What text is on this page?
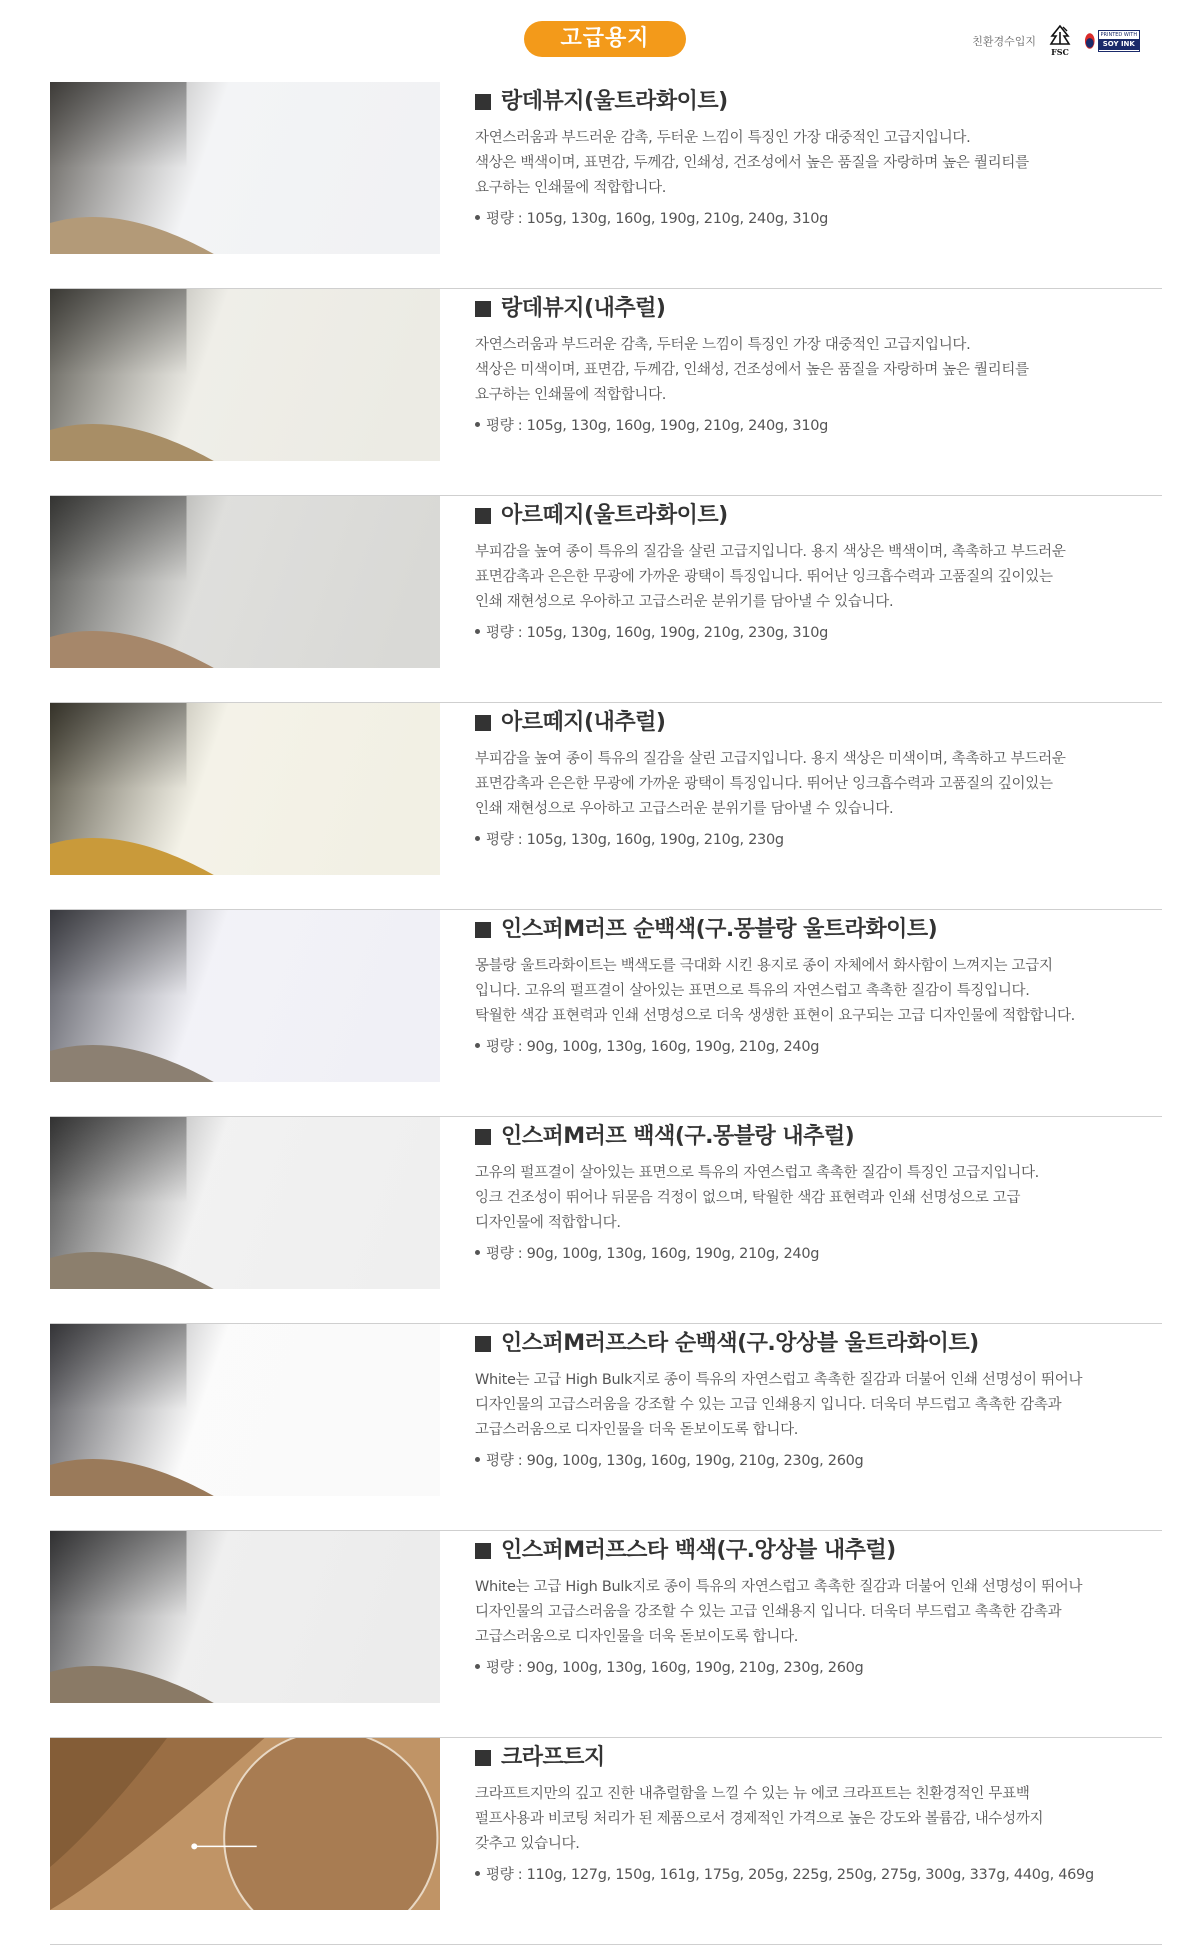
고급용지	친환경수입지
FSC
PRINTED WITH
SOY INK
랑데뷰지(울트라화이트)
자연스러움과 부드러운 감촉, 두터운 느낌이 특징인 가장 대중적인 고급지입니다.
색상은 백색이며, 표면감, 두께감, 인쇄성, 건조성에서 높은 품질을 자랑하며 높은 퀄리티를
요구하는 인쇄물에 적합합니다.
평량 : 105g, 130g, 160g, 190g, 210g, 240g, 310g
랑데뷰지(내추럴)
자연스러움과 부드러운 감촉, 두터운 느낌이 특징인 가장 대중적인 고급지입니다.
색상은 미색이며, 표면감, 두께감, 인쇄성, 건조성에서 높은 품질을 자랑하며 높은 퀄리티를
요구하는 인쇄물에 적합합니다.
평량 : 105g, 130g, 160g, 190g, 210g, 240g, 310g
아르떼지(울트라화이트)
부피감을 높여 종이 특유의 질감을 살린 고급지입니다. 용지 색상은 백색이며, 촉촉하고 부드러운
표면감촉과 은은한 무광에 가까운 광택이 특징입니다. 뛰어난 잉크흡수력과 고품질의 깊이있는
인쇄 재현성으로 우아하고 고급스러운 분위기를 담아낼 수 있습니다.
평량 : 105g, 130g, 160g, 190g, 210g, 230g, 310g
아르떼지(내추럴)
부피감을 높여 종이 특유의 질감을 살린 고급지입니다. 용지 색상은 미색이며, 촉촉하고 부드러운
표면감촉과 은은한 무광에 가까운 광택이 특징입니다. 뛰어난 잉크흡수력과 고품질의 깊이있는
인쇄 재현성으로 우아하고 고급스러운 분위기를 담아낼 수 있습니다.
평량 : 105g, 130g, 160g, 190g, 210g, 230g
인스퍼M러프 순백색(구.몽블랑 울트라화이트)
몽블랑 울트라화이트는 백색도를 극대화 시킨 용지로 종이 자체에서 화사함이 느껴지는 고급지
입니다. 고유의 펄프결이 살아있는 표면으로 특유의 자연스럽고 촉촉한 질감이 특징입니다.
탁월한 색감 표현력과 인쇄 선명성으로 더욱 생생한 표현이 요구되는 고급 디자인물에 적합합니다.
평량 : 90g, 100g, 130g, 160g, 190g, 210g, 240g
인스퍼M러프 백색(구.몽블랑 내추럴)
고유의 펄프결이 살아있는 표면으로 특유의 자연스럽고 촉촉한 질감이 특징인 고급지입니다.
잉크 건조성이 뛰어나 뒤묻음 걱정이 없으며, 탁월한 색감 표현력과 인쇄 선명성으로 고급
디자인물에 적합합니다.
평량 : 90g, 100g, 130g, 160g, 190g, 210g, 240g
인스퍼M러프스타 순백색(구.앙상블 울트라화이트)
White는 고급 High Bulk지로 종이 특유의 자연스럽고 촉촉한 질감과 더불어 인쇄 선명성이 뛰어나
디자인물의 고급스러움을 강조할 수 있는 고급 인쇄용지 입니다. 더욱더 부드럽고 촉촉한 감촉과
고급스러움으로 디자인물을 더욱 돋보이도록 합니다.
평량 : 90g, 100g, 130g, 160g, 190g, 210g, 230g, 260g
인스퍼M러프스타 백색(구.앙상블 내추럴)
White는 고급 High Bulk지로 종이 특유의 자연스럽고 촉촉한 질감과 더불어 인쇄 선명성이 뛰어나
디자인물의 고급스러움을 강조할 수 있는 고급 인쇄용지 입니다. 더욱더 부드럽고 촉촉한 감촉과
고급스러움으로 디자인물을 더욱 돋보이도록 합니다.
평량 : 90g, 100g, 130g, 160g, 190g, 210g, 230g, 260g
크라프트지
크라프트지만의 깊고 진한 내츄럴함을 느낄 수 있는 뉴 에코 크라프트는 친환경적인 무표백
펄프사용과 비코팅 처리가 된 제품으로서 경제적인 가격으로 높은 강도와 볼륨감, 내수성까지
갖추고 있습니다.
평량 : 110g, 127g, 150g, 161g, 175g, 205g, 225g, 250g, 275g, 300g, 337g, 440g, 469g
